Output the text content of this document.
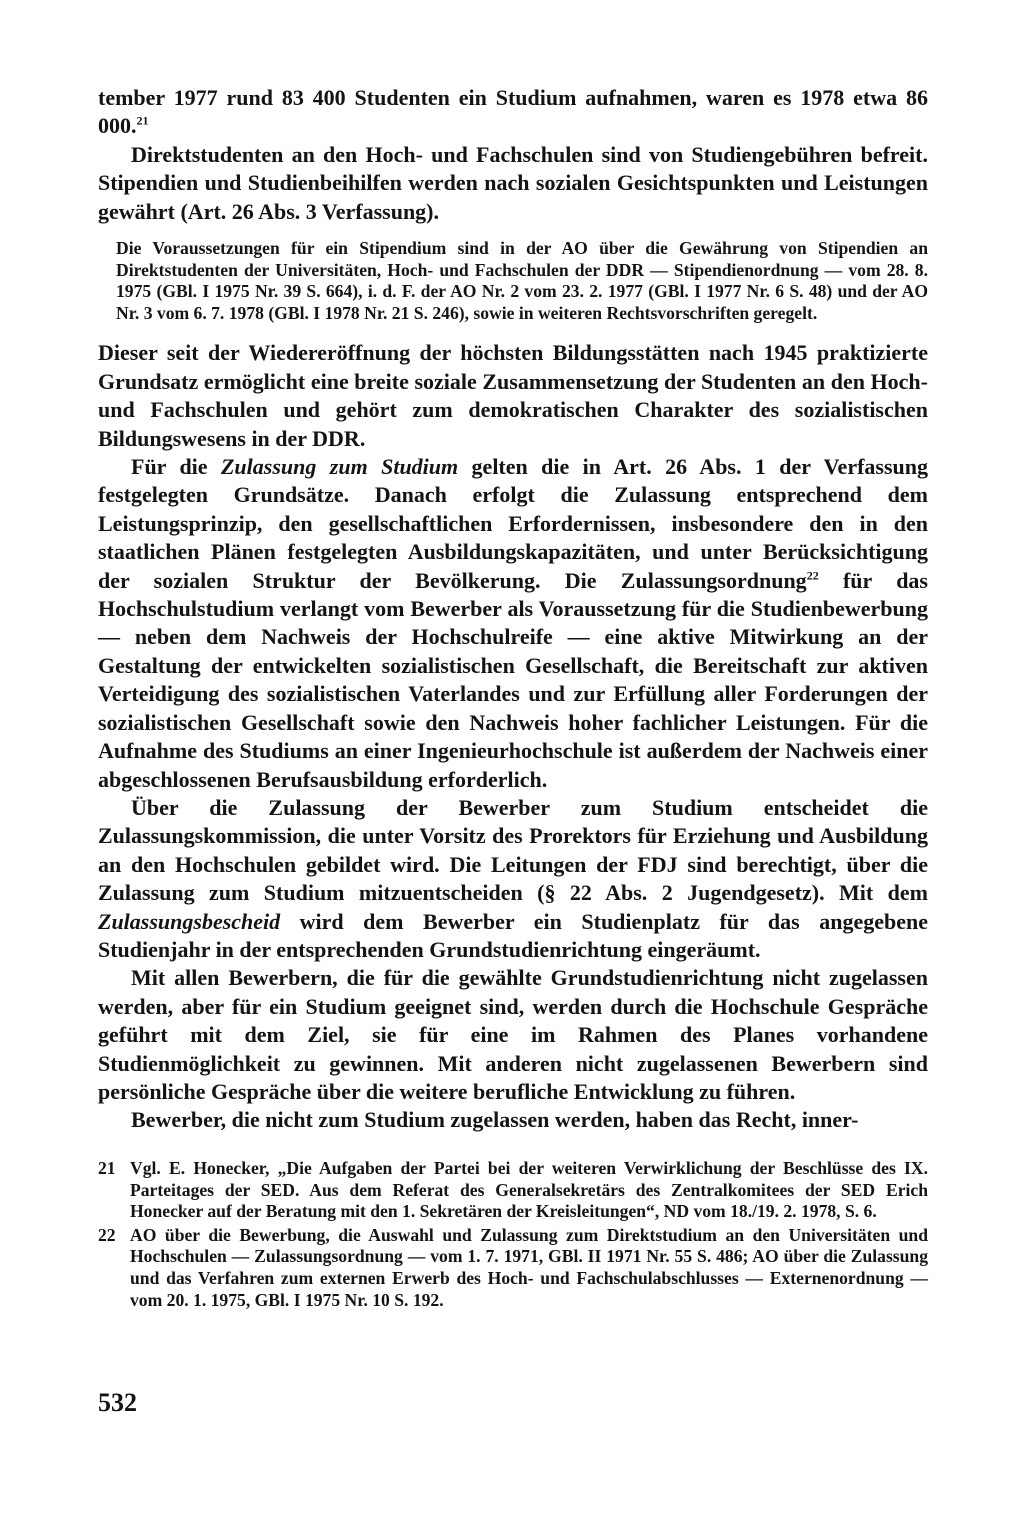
tember 1977 rund 83 400 Studenten ein Studium aufnahmen, waren es 1978 etwa 86 000.21

Direktstudenten an den Hoch- und Fachschulen sind von Studiengebühren befreit. Stipendien und Studienbeihilfen werden nach sozialen Gesichtspunkten und Leistungen gewährt (Art. 26 Abs. 3 Verfassung).

Die Voraussetzungen für ein Stipendium sind in der AO über die Gewährung von Stipendien an Direktstudenten der Universitäten, Hoch- und Fachschulen der DDR — Stipendienordnung — vom 28. 8. 1975 (GBl. I 1975 Nr. 39 S. 664), i. d. F. der AO Nr. 2 vom 23. 2. 1977 (GBl. I 1977 Nr. 6 S. 48) und der AO Nr. 3 vom 6. 7. 1978 (GBl. I 1978 Nr. 21 S. 246), sowie in weiteren Rechtsvorschriften geregelt.

Dieser seit der Wiedereröffnung der höchsten Bildungsstätten nach 1945 praktizierte Grundsatz ermöglicht eine breite soziale Zusammensetzung der Studenten an den Hoch- und Fachschulen und gehört zum demokratischen Charakter des sozialistischen Bildungswesens in der DDR.

Für die Zulassung zum Studium gelten die in Art. 26 Abs. 1 der Verfassung festgelegten Grundsätze. Danach erfolgt die Zulassung entsprechend dem Leistungsprinzip, den gesellschaftlichen Erfordernissen, insbesondere den in den staatlichen Plänen festgelegten Ausbildungskapazitäten, und unter Berücksichtigung der sozialen Struktur der Bevölkerung. Die Zulassungsordnung$^{22}$ für das Hochschulstudium verlangt vom Bewerber als Voraussetzung für die Studienbewerbung — neben dem Nachweis der Hochschulreife — eine aktive Mitwirkung an der Gestaltung der entwickelten sozialistischen Gesellschaft, die Bereitschaft zur aktiven Verteidigung des sozialistischen Vaterlandes und zur Erfüllung aller Forderungen der sozialistischen Gesellschaft sowie den Nachweis hoher fachlicher Leistungen. Für die Aufnahme des Studiums an einer Ingenieurhochschule ist außerdem der Nachweis einer abgeschlossenen Berufsausbildung erforderlich.

Über die Zulassung der Bewerber zum Studium entscheidet die Zulassungskommission, die unter Vorsitz des Prorektors für Erziehung und Ausbildung an den Hochschulen gebildet wird. Die Leitungen der FDJ sind berechtigt, über die Zulassung zum Studium mitzuentscheiden (§ 22 Abs. 2 Jugendgesetz). Mit dem Zulassungsbescheid wird dem Bewerber ein Studienplatz für das angegebene Studienjahr in der entsprechenden Grundstudienrichtung eingeräumt.

Mit allen Bewerbern, die für die gewählte Grundstudienrichtung nicht zugelassen werden, aber für ein Studium geeignet sind, werden durch die Hochschule Gespräche geführt mit dem Ziel, sie für eine im Rahmen des Planes vorhandene Studienmöglichkeit zu gewinnen. Mit anderen nicht zugelassenen Bewerbern sind persönliche Gespräche über die weitere berufliche Entwicklung zu führen.

Bewerber, die nicht zum Studium zugelassen werden, haben das Recht, inner-

21 Vgl. E. Honecker, „Die Aufgaben der Partei bei der weiteren Verwirklichung der Beschlüsse des IX. Parteitages der SED. Aus dem Referat des Generalsekretärs des Zentralkomitees der SED Erich Honecker auf der Beratung mit den 1. Sekretären der Kreisleitungen“, ND vom 18./19. 2. 1978, S. 6.
22 AO über die Bewerbung, die Auswahl und Zulassung zum Direktstudium an den Universitäten und Hochschulen — Zulassungsordnung — vom 1. 7. 1971, GBl. II 1971 Nr. 55 S. 486; AO über die Zulassung und das Verfahren zum externen Erwerb des Hoch- und Fachschulabschlusses — Externenordnung — vom 20. 1. 1975, GBl. I 1975 Nr. 10 S. 192.
532
